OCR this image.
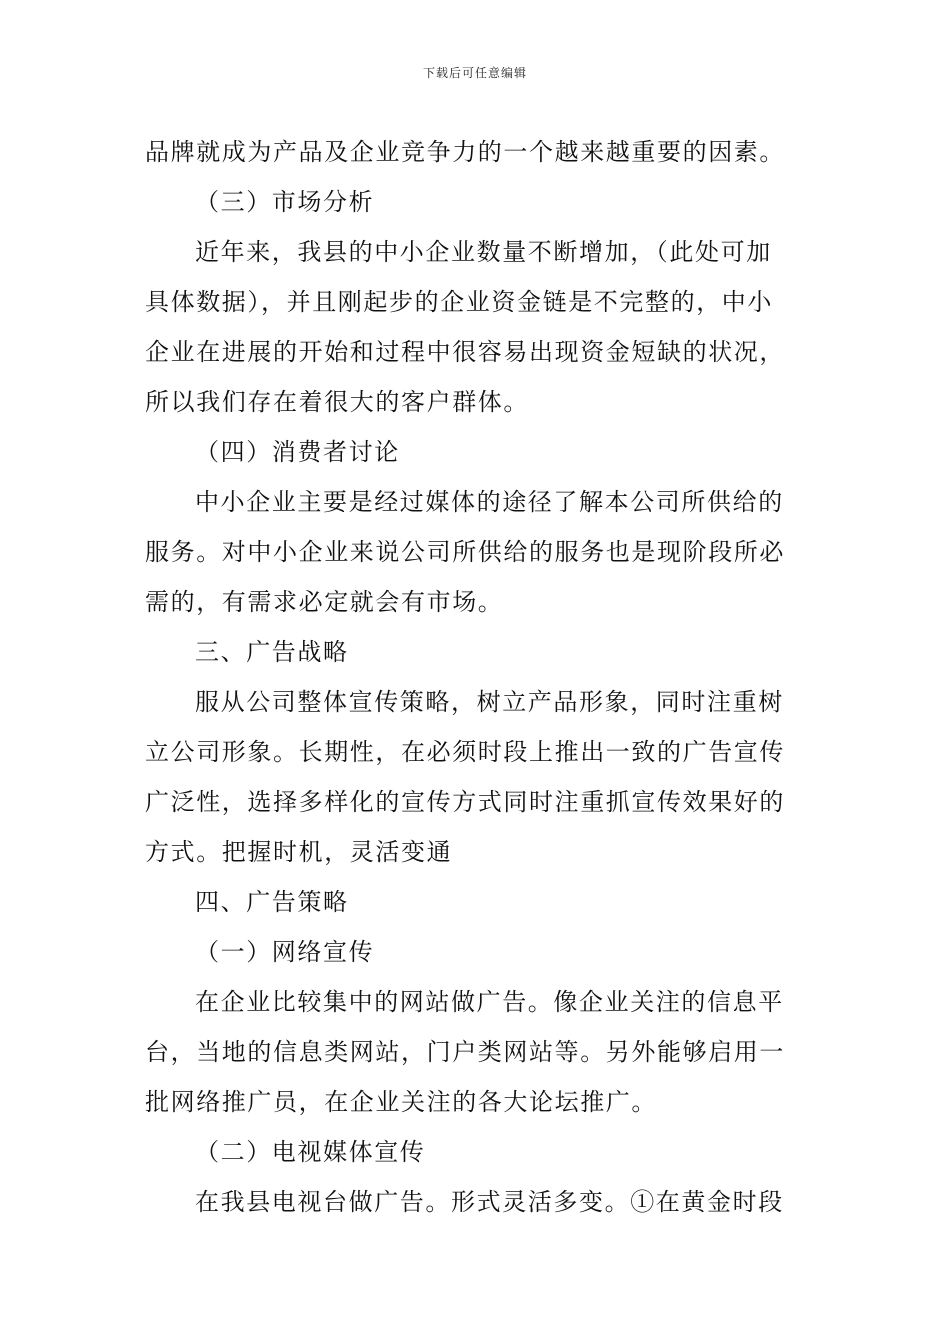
下载后可任意编辑
品牌就成为产品及企业竞争力的一个越来越重要的因素。
（三）市场分析
近年来，我县的中小企业数量不断增加，（此处可加
具体数据），并且刚起步的企业资金链是不完整的，中小
企业在进展的开始和过程中很容易出现资金短缺的状况，
所以我们存在着很大的客户群体。
（四）消费者讨论
中小企业主要是经过媒体的途径了解本公司所供给的
服务。对中小企业来说公司所供给的服务也是现阶段所必
需的，有需求必定就会有市场。
三、广告战略
服从公司整体宣传策略，树立产品形象，同时注重树
立公司形象。长期性，在必须时段上推出一致的广告宣传
广泛性，选择多样化的宣传方式同时注重抓宣传效果好的
方式。把握时机，灵活变通
四、广告策略
（一）网络宣传
在企业比较集中的网站做广告。像企业关注的信息平
台，当地的信息类网站，门户类网站等。另外能够启用一
批网络推广员，在企业关注的各大论坛推广。
（二）电视媒体宣传
在我县电视台做广告。形式灵活多变。①在黄金时段
